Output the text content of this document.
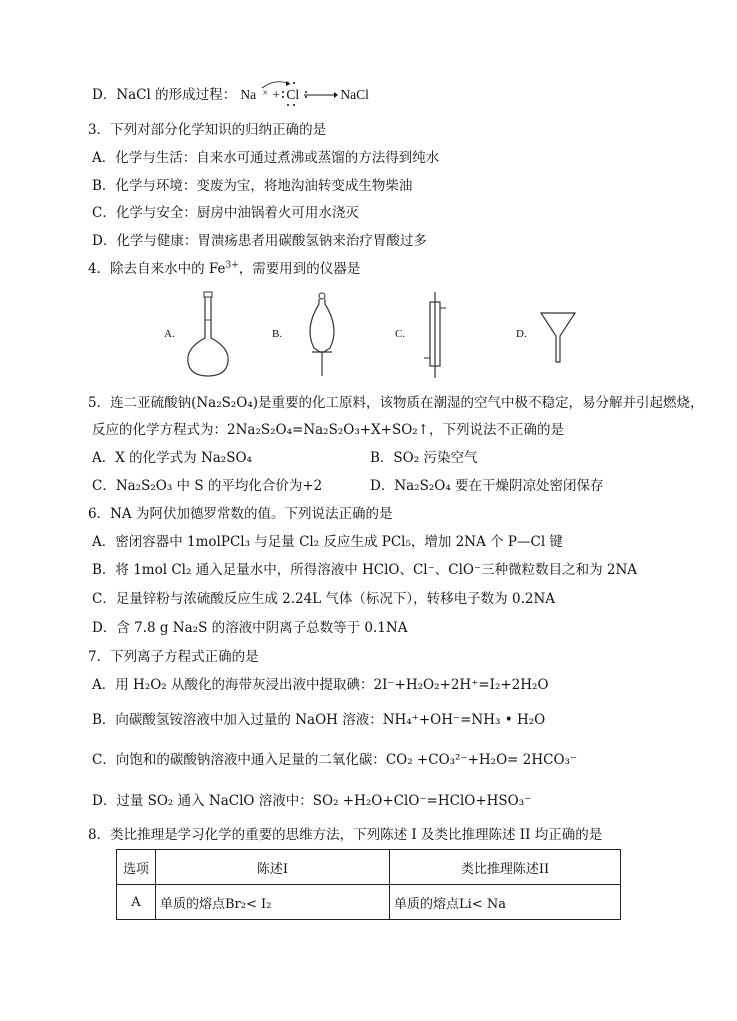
D．NaCl 的形成过程： Na × + Cl	NaCl
3．下列对部分化学知识的归纳正确的是
A．化学与生活：自来水可通过煮沸或蒸馏的方法得到纯水
B．化学与环境：变废为宝，将地沟油转变成生物柴油
C．化学与安全：厨房中油锅着火可用水浇灭
D．化学与健康：胃溃疡患者用碳酸氢钠来治疗胃酸过多
4．除去自来水中的 $Fe^{3+}$，需要用到的仪器是
A.	B.	C.	D.
5．连二亚硫酸钠(Na₂S₂O₄)是重要的化工原料，该物质在潮湿的空气中极不稳定，易分解并引起燃烧，
反应的化学方程式为：2Na₂S₂O₄=Na₂S₂O₃+X+SO₂↑，下列说法不正确的是
A．X 的化学式为 Na₂SO₄	B．SO₂ 污染空气
C．Na₂S₂O₃ 中 S 的平均化合价为+2	D．Na₂S₂O₄ 要在干燥阴凉处密闭保存
6．NA 为阿伏加德罗常数的值。下列说法正确的是
A．密闭容器中 1molPCl₃ 与足量 Cl₂ 反应生成 PCl₅，增加 2NA 个 P—Cl 键
B．将 1mol Cl₂ 通入足量水中，所得溶液中 HClO、Cl⁻、ClO⁻三种微粒数目之和为 2NA
C．足量锌粉与浓硫酸反应生成 2.24L 气体（标况下），转移电子数为 0.2NA
D．含 7.8 g Na₂S 的溶液中阴离子总数等于 0.1NA
7．下列离子方程式正确的是
A．用 H₂O₂ 从酸化的海带灰浸出液中提取碘：2I⁻+H₂O₂+2H⁺=I₂+2H₂O
B．向碳酸氢铵溶液中加入过量的 NaOH 溶液：NH₄⁺+OH⁻=NH₃ • H₂O
C．向饱和的碳酸钠溶液中通入足量的二氧化碳：CO₂ +CO₃²⁻+H₂O= 2HCO₃⁻
D．过量 SO₂ 通入 NaClO 溶液中：SO₂ +H₂O+ClO⁻=HClO+HSO₃⁻
8．类比推理是学习化学的重要的思维方法，下列陈述 I 及类比推理陈述 II 均正确的是
选项	陈述I	类比推理陈述II
A	单质的熔点Br₂< I₂	单质的熔点Li< Na
